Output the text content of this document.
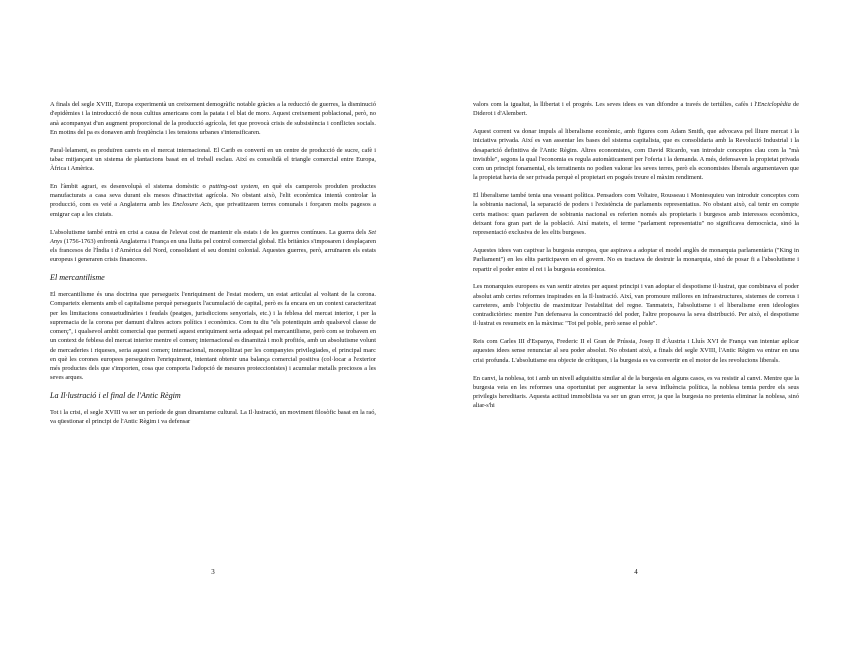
A finals del segle XVIII, Europa experimentà un creixement demogràfic notable gràcies a la reducció de guerres, la disminució d'epidèmies i la introducció de nous cultius americans com la patata i el blat de moro. Aquest creixement poblacional, però, no anà acompanyat d'un augment proporcional de la producció agrícola, fet que provocà crisis de subsistència i conflictes socials. En motins del pa es donaven amb freqüència i les tensions urbanes s'intensificaren.

Paral·lelament, es produïren canvis en el mercat internacional. El Carib es convertí en un centre de producció de sucre, cafè i tabac mitjançant un sistema de plantacions basat en el treball esclau. Així es consolidà el triangle comercial entre Europa, Àfrica i Amèrica.

En l'àmbit agrari, es desenvolupà el sistema domèstic o putting-out system, en què els camperols produïen productes manufacturats a casa seva durant els mesos d'inactivitat agrícola. No obstant això, l'elit econòmica intentà controlar la producció, com es veié a Anglaterra amb les Enclosure Acts, que privatitzaren terres comunals i forçaren molts pagesos a emigrar cap a les ciutats.

L'absolutisme també entrà en crisi a causa de l'elevat cost de mantenir els estats i de les guerres contínues. La guerra dels Set Anys (1756-1763) enfrontà Anglaterra i França en una lluita pel control comercial global. Els britànics s'imposaren i desplaçaren els francesos de l'Índia i d'Amèrica del Nord, consolidant el seu domini colonial. Aquestes guerres, però, arruïnaren els estats europeus i generaren crisis financeres.

El mercantilisme

El mercantilisme és una doctrina que persegueix l'enriquiment de l'estat modern, un estat articulat al voltant de la corona. Comparteix elements amb el capitalisme perquè persegueix l'acumulació de capital, però es fa encara en un context caracteritzat per les limitacions consuetudinàries i feudals (peatges, jurisdiccions senyorials, etc.) i la feblesa del mercat interior, i per la supremacia de la corona per damunt d'altres actors polítics i econòmics. Com tu diu "els potentiquin amb qualsevol classe de comerç", i qualsevol ambit comercial que permetí aquest enriquiment seria adequat pel mercantilisme, però com se trobaven en un context de feblesa del mercat interior mentre el comerç internacional es dinamitzà i molt profitós, amb un absolutisme volunt de mercaderies i riqueses, seria aquest comerç internacional, monopolitzat per les companyies privilegiades, el principal marc en què les corones europees perseguiren l'enriquiment, intentant obtenir una balança comercial positiva (col·locar a l'exterior més productes dels que s'importen, cosa que comporta l'adopció de mesures proteccionistes) i acumular metalls preciosos a les seves arques.

La Il·lustració i el final de l'Antic Règim

Tot i la crisi, el segle XVIII va ser un període de gran dinamisme cultural. La Il·lustració, un moviment filosòfic basat en la raó, va qüestionar el principi de l'Antic Règim i va defensar

3

valors com la igualtat, la llibertat i el progrés. Les seves idees es van difondre a través de tertúlies, cafès i l'Enciclopèdia de Diderot i d'Alembert.

Aquest corrent va donar impuls al liberalisme econòmic, amb figures com Adam Smith, que advocava pel lliure mercat i la iniciativa privada. Així es van assentar les bases del sistema capitalista, que es consolidaria amb la Revolució Industrial i la desaparició definitiva de l'Antic Règim. Altres economistes, com David Ricardo, van introduir conceptes clau com la "mà invisible", segons la qual l'economia es regula automàticament per l'oferta i la demanda. A més, defensaven la propietat privada com un principi fonamental, els terratinents no podien valorar les seves terres, però els economistes liberals argumentaven que la propietat havia de ser privada perquè el propietari en pogués treure el màxim rendiment.

El liberalisme també tenia una vessant política. Pensadors com Voltaire, Rousseau i Montesquieu van introduir conceptes com la sobirania nacional, la separació de poders i l'existència de parlaments representatius. No obstant això, cal tenir en compte certs matisos: quan parlaven de sobirania nacional es referien només als propietaris i burgesos amb interessos econòmics, deixant fora gran part de la població. Així mateix, el terme "parlament representatiu" no significava democràcia, sinó la representació exclusiva de les elits burgeses.

Aquestes idees van captivar la burgesia europea, que aspirava a adoptar el model anglès de monarquia parlamentària ("King in Parliament") en les elits participaven en el govern. No es tractava de destruir la monarquia, sinó de posar fi a l'absolutisme i repartir el poder entre el rei i la burgesia econòmica.

Les monarquies europees es van sentir atretes per aquest principi i van adoptar el despotisme il·lustrat, que combinava el poder absolut amb certes reformes inspirades en la Il·lustració. Així, van promoure millores en infraestructures, sistemes de correus i carreteres, amb l'objectiu de maximitzar l'estabilitat del regne. Tanmateix, l'absolutisme i el liberalisme eren ideologies contradictòries: mentre l'un defensava la concentració del poder, l'altre proposava la seva distribució. Per això, el despotisme il·lustrat es resumeix en la màxima: "Tot pel poble, però sense el poble".

Reis com Carles III d'Espanya, Frederic II el Gran de Prússia, Josep II d'Àustria i Lluís XVI de França van intentar aplicar aquestes idees sense renunciar al seu poder absolut. No obstant això, a finals del segle XVIII, l'Antic Règim va entrar en una crisi profunda. L'absolutisme era objecte de crítiques, i la burgesia es va convertir en el motor de les revolucions liberals.

En canvi, la noblesa, tot i amb un nivell adquisitiu similar al de la burgesia en alguns casos, es va resistir al canvi. Mentre que la burgesia veia en les reformes una oportunitat per augmentar la seva influència política, la noblesa temia perdre els seus privilegis hereditaris. Aquesta actitud immobilista va ser un gran error, ja que la burgesia no pretenia eliminar la noblesa, sinó aliar-s'hi

4
